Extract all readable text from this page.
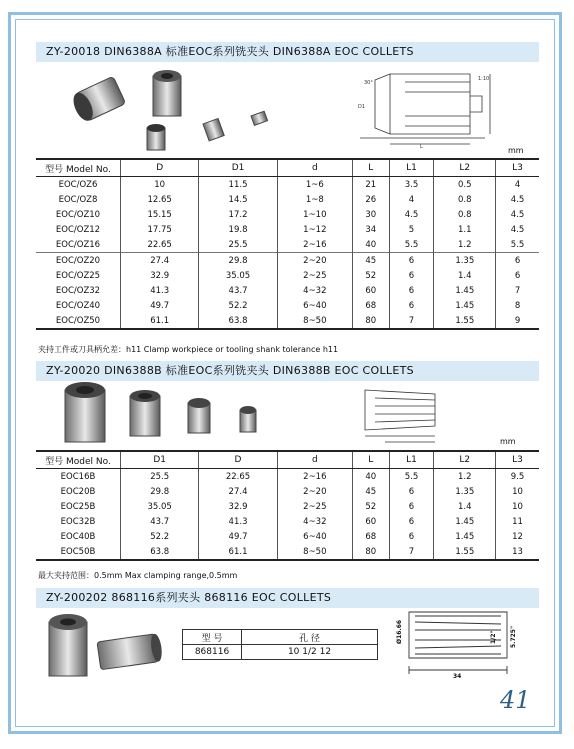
ZY-20018 DIN6388A 标准EOC系列铣夹头 DIN6388A EOC COLLETS
30°
1:10
D1
L	mm
型号 Model No.	D	D1	d	L	L1	L2	L3
EOC/OZ6	10	11.5	1~6	21	3.5	0.5	4
EOC/OZ8	12.65	14.5	1~8	26	4	0.8	4.5
EOC/OZ10	15.15	17.2	1~10	30	4.5	0.8	4.5
EOC/OZ12	17.75	19.8	1~12	34	5	1.1	4.5
EOC/OZ16	22.65	25.5	2~16	40	5.5	1.2	5.5
EOC/OZ20	27.4	29.8	2~20	45	6	1.35	6
EOC/OZ25	32.9	35.05	2~25	52	6	1.4	6
EOC/OZ32	41.3	43.7	4~32	60	6	1.45	7
EOC/OZ40	49.7	52.2	6~40	68	6	1.45	8
EOC/OZ50	61.1	63.8	8~50	80	7	1.55	9
夹持工件或刀具柄允差：h11 Clamp workpiece or tooling shank tolerance h11
ZY-20020 DIN6388B 标准EOC系列铣夹头 DIN6388B EOC COLLETS
mm
型号 Model No.	D1	D	d	L	L1	L2	L3
EOC16B	25.5	22.65	2~16	40	5.5	1.2	9.5
EOC20B	29.8	27.4	2~20	45	6	1.35	10
EOC25B	35.05	32.9	2~25	52	6	1.4	10
EOC32B	43.7	41.3	4~32	60	6	1.45	11
EOC40B	52.2	49.7	6~40	68	6	1.45	12
EOC50B	63.8	61.1	8~50	80	7	1.55	13
最大夹持范围：0.5mm Max clamping range,0.5mm
ZY-200202 868116系列夹头 868116 EOC COLLETS
型 号	孔 径
868116	10 1/2 12
Ø16.66	1/2" 5.725"
34
41
